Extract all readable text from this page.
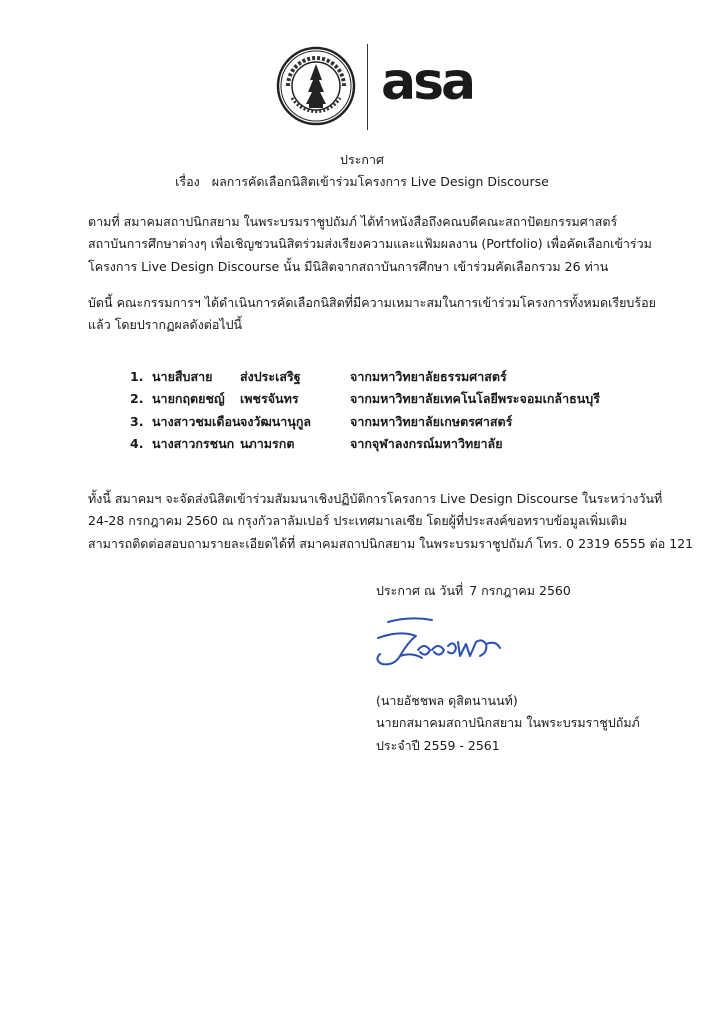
asa
ประกาศ
เรื่อง ผลการคัดเลือกนิสิตเข้าร่วมโครงการ Live Design Discourse
ตามที่ สมาคมสถาปนิกสยาม ในพระบรมราชูปถัมภ์ ได้ทำหนังสือถึงคณบดีคณะสถาปัตยกรรมศาสตร์
สถาบันการศึกษาต่างๆ เพื่อเชิญชวนนิสิตร่วมส่งเรียงความและแฟ้มผลงาน (Portfolio) เพื่อคัดเลือกเข้าร่วม
โครงการ Live Design Discourse นั้น มีนิสิตจากสถาบันการศึกษา เข้าร่วมคัดเลือกรวม 26 ท่าน
บัดนี้ คณะกรรมการฯ ได้ดำเนินการคัดเลือกนิสิตที่มีความเหมาะสมในการเข้าร่วมโครงการทั้งหมดเรียบร้อย
แล้ว โดยปรากฏผลดังต่อไปนี้
1. นายสืบสาย ส่งประเสริฐ	จากมหาวิทยาลัยธรรมศาสตร์
2. นายกฤตยชญ์ เพชรจันทร	จากมหาวิทยาลัยเทคโนโลยีพระจอมเกล้าธนบุรี
3. นางสาวชมเดือน จงวัฒนานุกูล	จากมหาวิทยาลัยเกษตรศาสตร์
4. นางสาวกรชนก นภามรกต	จากจุฬาลงกรณ์มหาวิทยาลัย
ทั้งนี้ สมาคมฯ จะจัดส่งนิสิตเข้าร่วมสัมมนาเชิงปฏิบัติการโครงการ Live Design Discourse ในระหว่างวันที่
24-28 กรกฎาคม 2560 ณ กรุงกัวลาลัมเปอร์ ประเทศมาเลเซีย โดยผู้ที่ประสงค์ขอทราบข้อมูลเพิ่มเติม
สามารถติดต่อสอบถามรายละเอียดได้ที่ สมาคมสถาปนิกสยาม ในพระบรมราชูปถัมภ์ โทร. 0 2319 6555 ต่อ 121
ประกาศ ณ วันที่ 7 กรกฎาคม 2560
(นายอัชชพล ดุสิตนานนท์)
นายกสมาคมสถาปนิกสยาม ในพระบรมราชูปถัมภ์
ประจำปี 2559 - 2561
